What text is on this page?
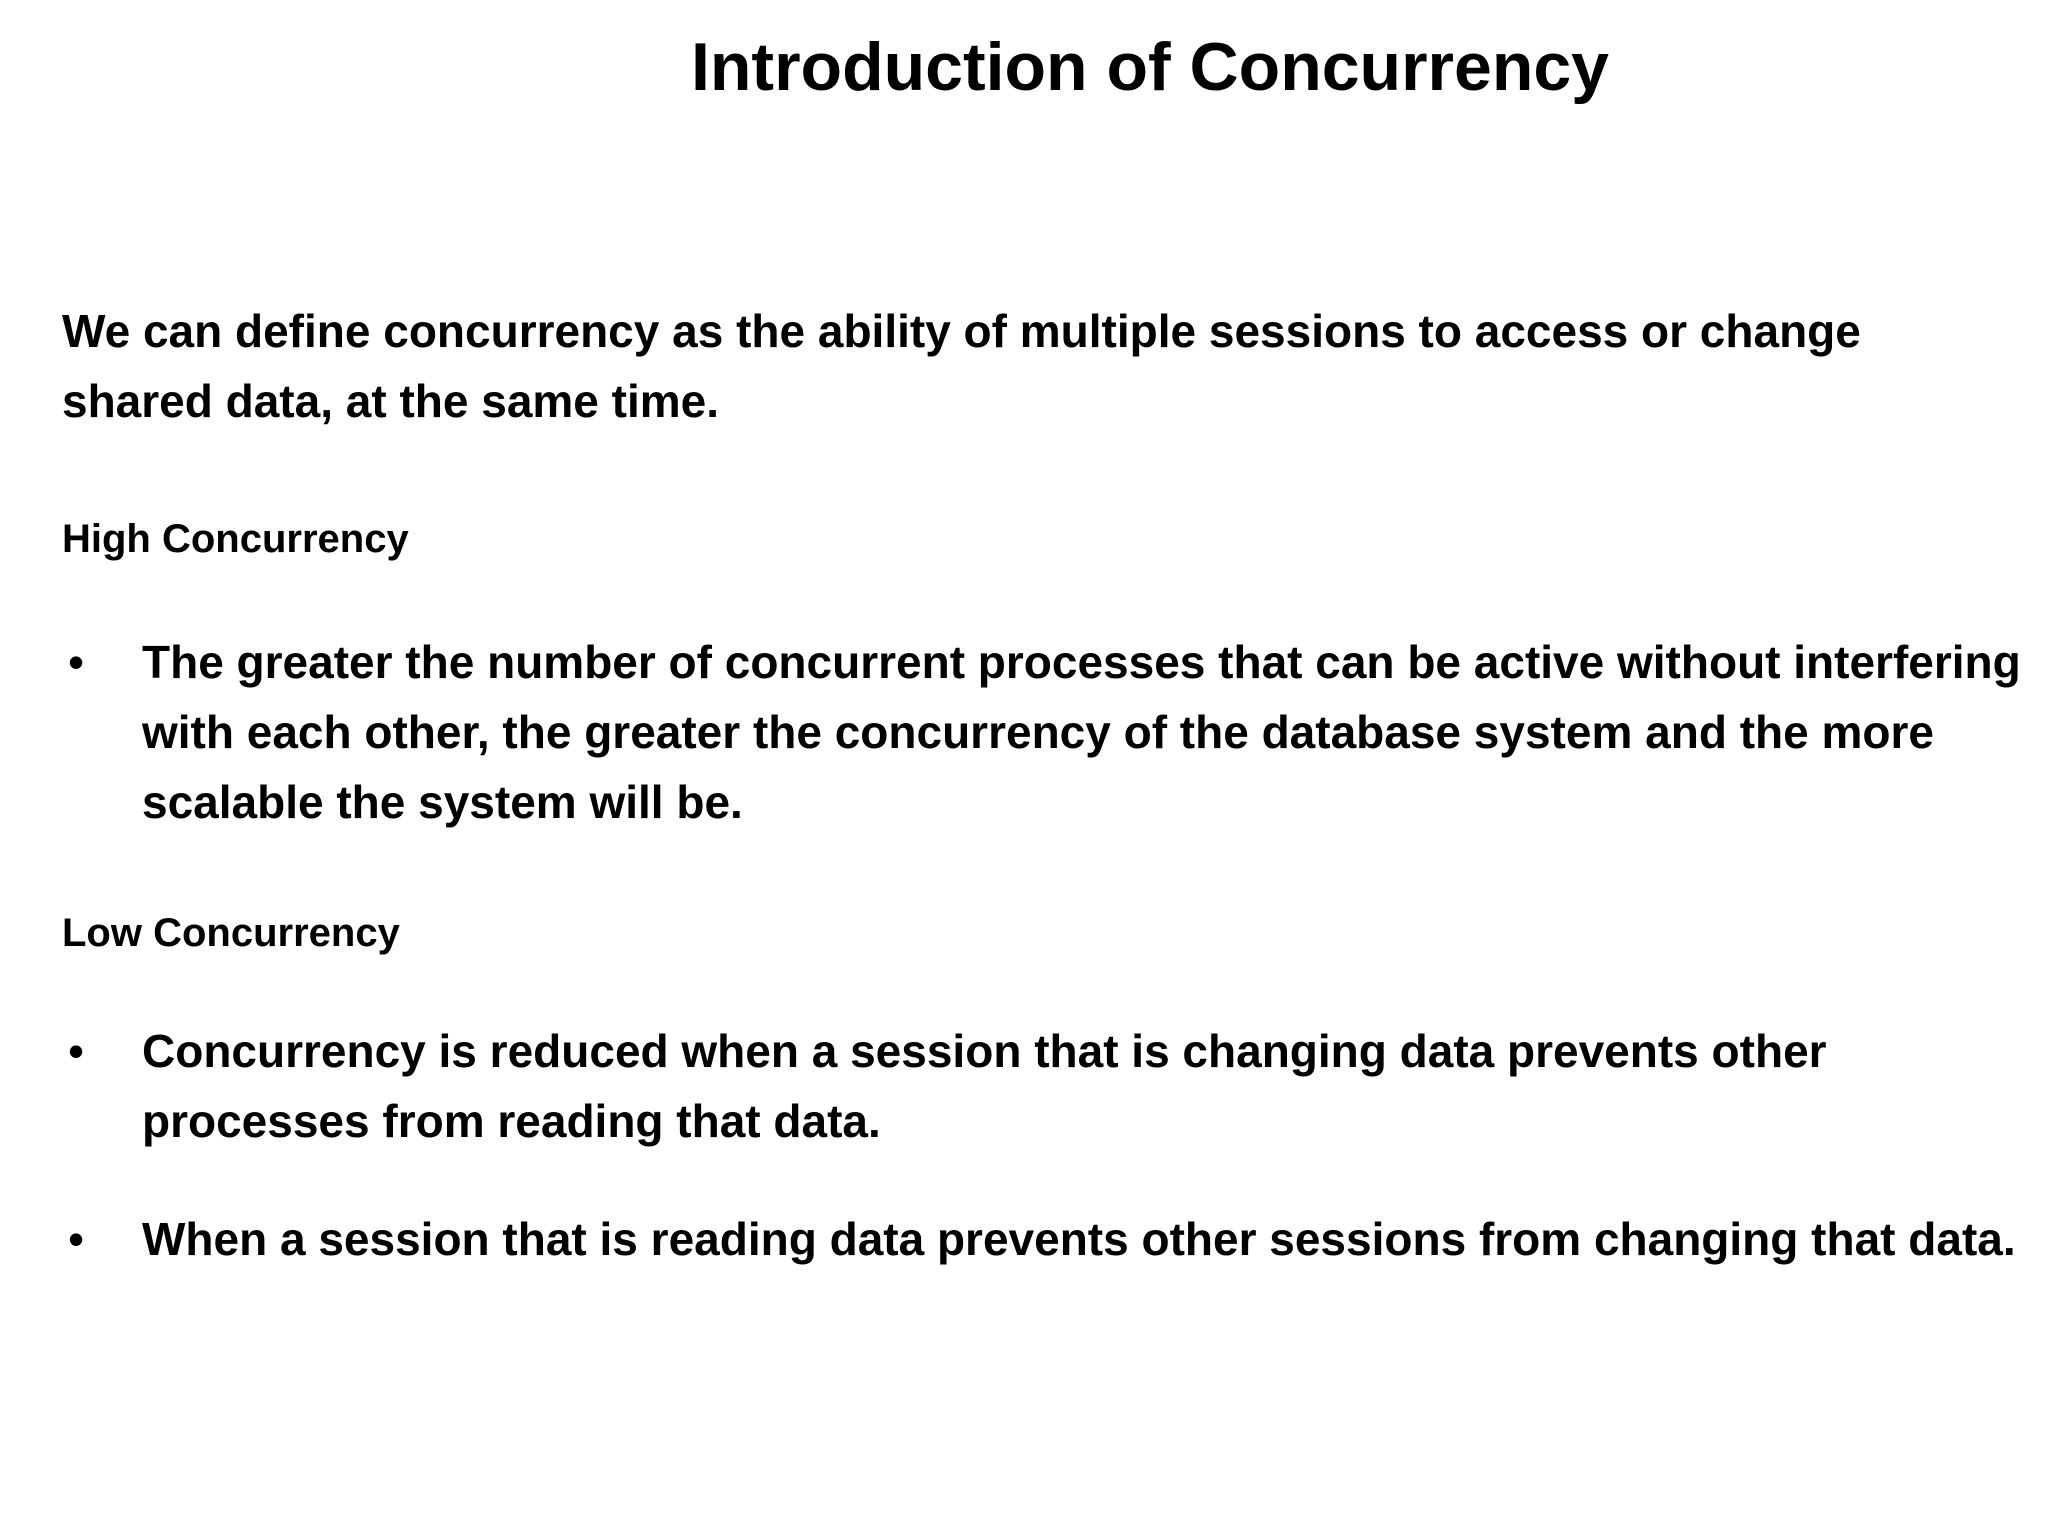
Introduction of Concurrency

We can define concurrency as the ability of multiple sessions to access or change shared data, at the same time.

High Concurrency
•	The greater the number of concurrent processes that can be active without interfering with each other, the greater the concurrency of the database system and the more scalable the system will be.
Low Concurrency
•	Concurrency is reduced when a session that is changing data prevents other processes from reading that data.
•	When a session that is reading data prevents other sessions from changing that data.
